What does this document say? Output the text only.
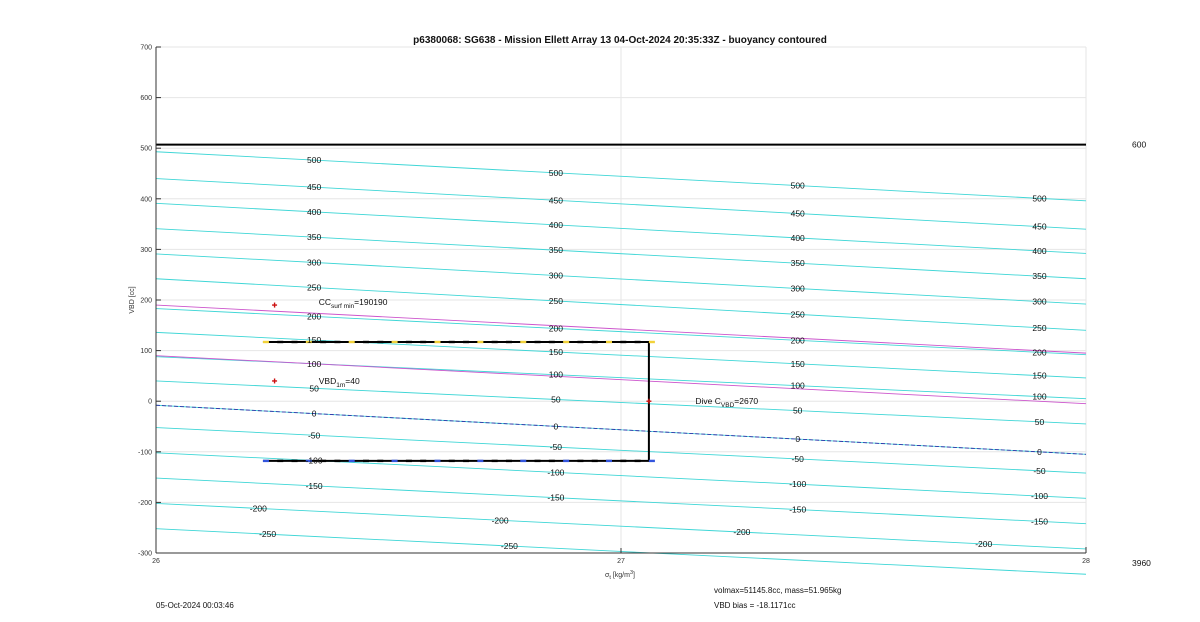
500
450
400
350
300
250
200
150
100
50
0
-50
-100
-150
-200
-250
500
450
400
350
300
250
200
150
100
50
0
-50
-100
-150
-200
-250
500
450
400
350
300
250
200
150
100
50
0
-50
-100
-150
-200
500
450
400
350
300
250
200
150
100
50
0
-50
-100
-150
-200
-300
-200
-100
0
100
200
300
400
500
600
700
26	27	28
600
3960
$CC_{surf min}=190190$
$VBD_{1m}=40$
Dive $C_{VBD}=2670$
p6380068: SG638 - Mission Ellett Array 13 04-Oct-2024 20:35:33Z - buoyancy contoured
$\sigma_t$ $[kg/m^3]$
VBD [cc]
05-Oct-2024 00:03:46
volmax=51145.8cc, mass=51.965kg
VBD bias = -18.1171cc
